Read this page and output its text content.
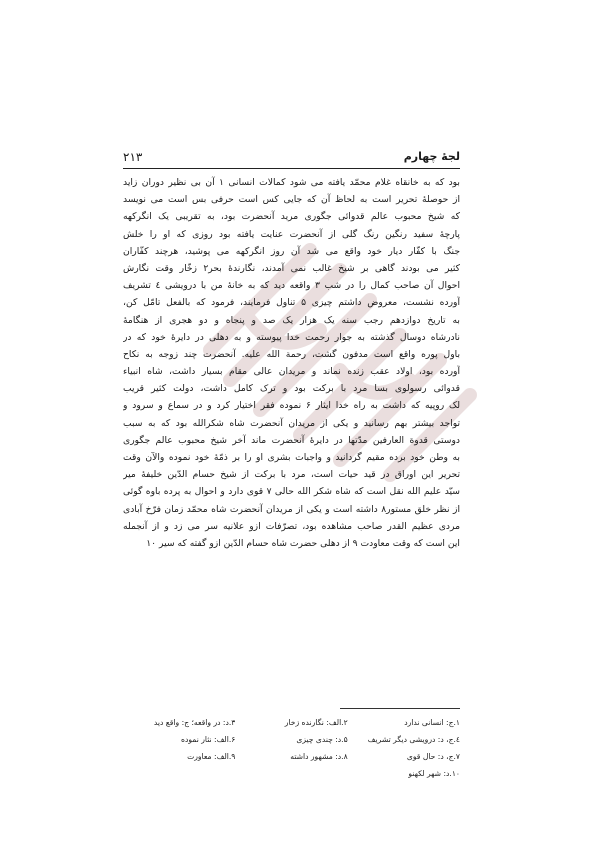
لجۀ چهارم
۲۱۳
بود که به خانقاه غلام محمّد یافته می شود کمالات انسانی ۱ آن بی نظیر دوران زاید
از حوصلۀ تحریر است به لحاظ آن که جایی کس است حرفی بس است می نویسد
که شیخ محبوب عالم قدوائی جگوری مرید آنحضرت بود، به تقریبی یک انگرکهه
پارچۀ سفید رنگین رنگ گلی از آنحضرت عنایت یافته بود روزی که او را خلش
جنگ با کفّار دیار خود واقع می شد آن روز انگرکهه می پوشید، هرچند کفّاران
کثیر می بودند گاهی بر شیخ غالب نمی آمدند، نگارندۀ بحر۲ زخّار وقت نگارش
احوال آن صاحب کمال را در شب ۳ واقعه دید که به خانۀ من با درویشی ٤ تشریف
آورده نشست، معروض داشتم چیزی ۵ تناول فرمایند، فرمود که بالفعل تامّل کن،
به تاریخ دوازدهم رجب سنه یک هزار یک صد و پنجاه و دو هجری از هنگامۀ
نادرشاه دوسال گذشته به جوار رحمت خدا پیوسته و به دهلی در دایرۀ خود که در
باول پوره واقع است مدفون گشت، رحمة الله علیه. آنحضرت چند زوجه به نکاح
آورده بود، اولاد عقب زنده نماند و مریدان عالی مقام بسیار داشت، شاه انبیاء
قدوائی رسولوی بسا مرد با برکت بود و ترک کامل داشت، دولت کثیر قریب
لک روپیه که داشت به راه خدا ایثار ۶ نموده فقر اختیار کرد و در سماع و سرود و
تواجد بیشتر بهم رسانید و یکی از مریدان آنحضرت شاه شکرالله بود که به سبب
دوستی قدوة العارفین مدّتها در دایرۀ آنحضرت ماند آخر شیخ محبوب عالم جگوری
به وطن خود برده مقیم گردانید و واجبات بشری او را بر ذمّۀ خود نموده والآن وقت
تحریر این اوراق در قید حیات است، مرد با برکت از شیخ حسام الدّین خلیفۀ میر
سیّد علیم الله نقل است که شاه شکر الله حالی ۷ قوی دارد و احوال به پرده باوه گوئی
از نظر خلق مستور۸ داشته است و یکی از مریدان آنحضرت شاه محمّد زمان فرّخ آبادی
مردی عظیم القدر صاحب مشاهده بود، تصرّفات ازو علانیه سر می زد و از آنجمله
این است که وقت معاودت ۹ از دهلی حضرت شاه حسام الدّین ازو گفته که سیر ۱۰
۱.ج: انسانی ندارد
۲.الف: نگارنده زخار
۳.د: در واقعه؛ ج: واقع دید
٤.ج، د: درویشی دیگر تشریف
۵.د: چندی چیزی
۶.الف: نثار نموده
۷.ج، د: حال قوی
۸.د: مشهور داشته
۹.الف: معاورت
۱۰.د: شهر لکهنو
